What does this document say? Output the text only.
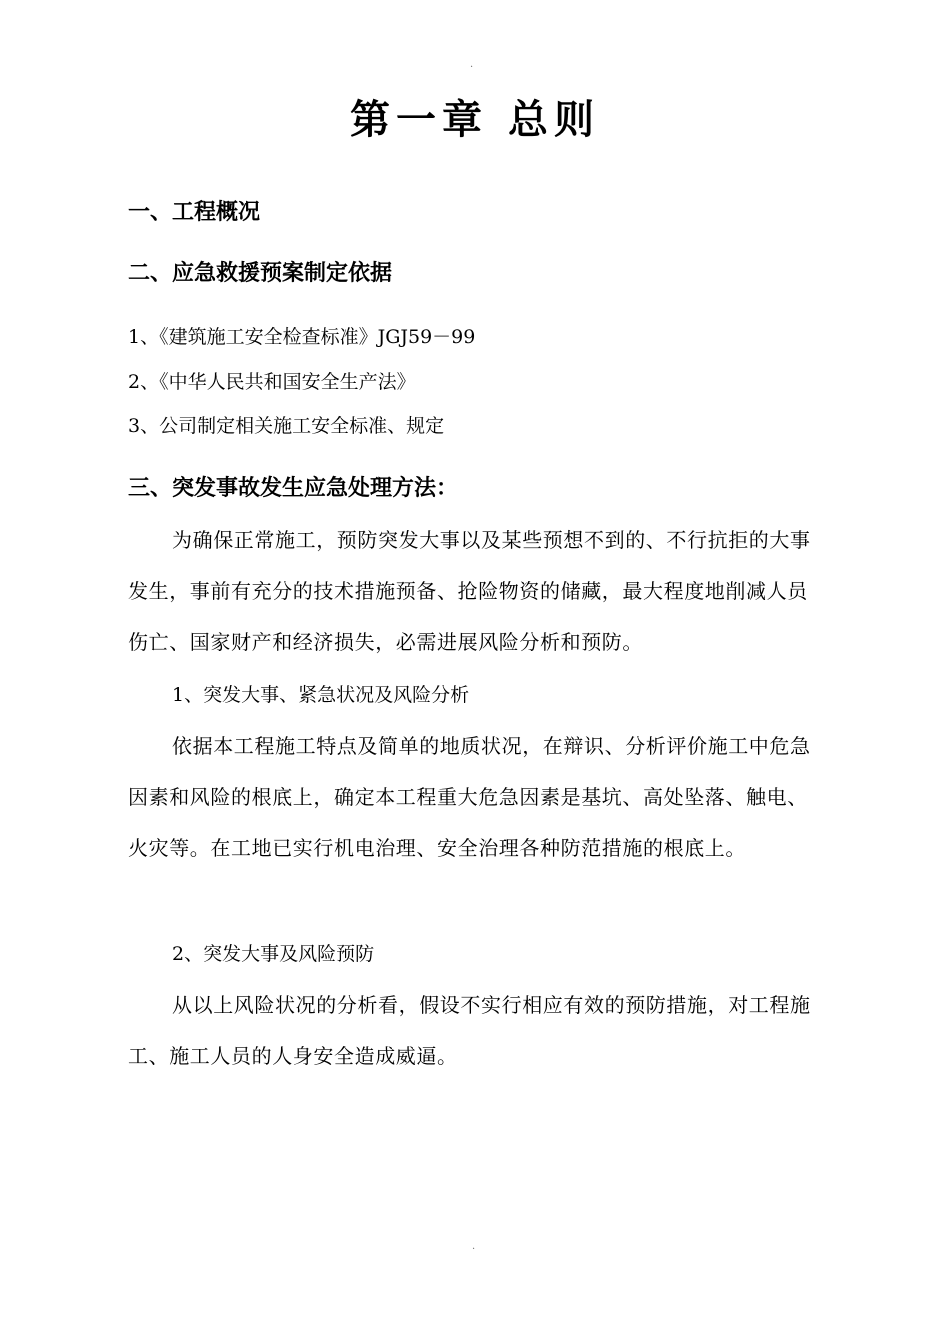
·
第一章 总则
一、工程概况
二、应急救援预案制定依据
1、《建筑施工安全检查标准》JGJ59－99
2、《中华人民共和国安全生产法》
3、公司制定相关施工安全标准、规定
三、突发事故发生应急处理方法：
为确保正常施工，预防突发大事以及某些预想不到的、不行抗拒的大事发生，事前有充分的技术措施预备、抢险物资的储藏，最大程度地削减人员伤亡、国家财产和经济损失，必需进展风险分析和预防。
1、突发大事、紧急状况及风险分析
依据本工程施工特点及简单的地质状况，在辩识、分析评价施工中危急因素和风险的根底上，确定本工程重大危急因素是基坑、高处坠落、触电、火灾等。在工地已实行机电治理、安全治理各种防范措施的根底上。
2、突发大事及风险预防
从以上风险状况的分析看，假设不实行相应有效的预防措施，对工程施工、施工人员的人身安全造成威逼。
·
